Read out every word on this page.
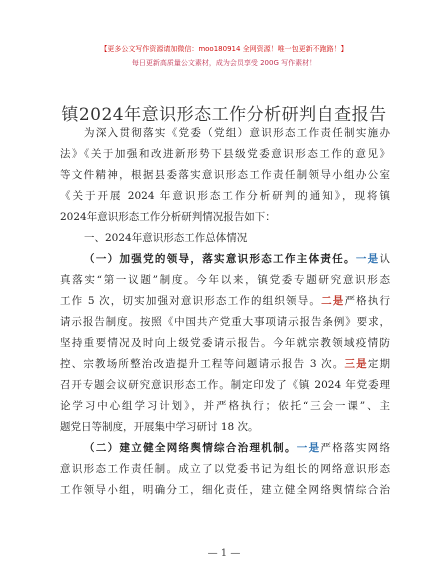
【更多公文写作资源请加微信：moo180914 全网资源！唯一包更新不跑路！】
每日更新高质量公文素材，成为会员享受 200G 写作素材！
镇2024年意识形态工作分析研判自查报告
为深入贯彻落实《党委（党组）意识形态工作责任制实施办
法》《关于加强和改进新形势下县级党委意识形态工作的意见》
等文件精神，根据县委落实意识形态工作责任制领导小组办公室
《关于开展 2024 年意识形态工作分析研判的通知》，现将镇
2024年意识形态工作分析研判情况报告如下：
一、2024年意识形态工作总体情况
（一）加强党的领导，落实意识形态工作主体责任。一是认
真落实“第一议题”制度。今年以来，镇党委专题研究意识形态
工作 5 次，切实加强对意识形态工作的组织领导。二是严格执行
请示报告制度。按照《中国共产党重大事项请示报告条例》要求，
坚持重要情况及时向上级党委请示报告。今年就宗教领域疫情防
控、宗教场所整治改造提升工程等问题请示报告 3 次。三是定期
召开专题会议研究意识形态工作。制定印发了《镇 2024 年党委理
论学习中心组学习计划》，并严格执行；依托“三会一课”、主
题党日等制度，开展集中学习研讨 18 次。
（二）建立健全网络舆情综合治理机制。一是严格落实网络
意识形态工作责任制。成立了以党委书记为组长的网络意识形态
工作领导小组，明确分工，细化责任，建立健全网络舆情综合治
— 1 —
